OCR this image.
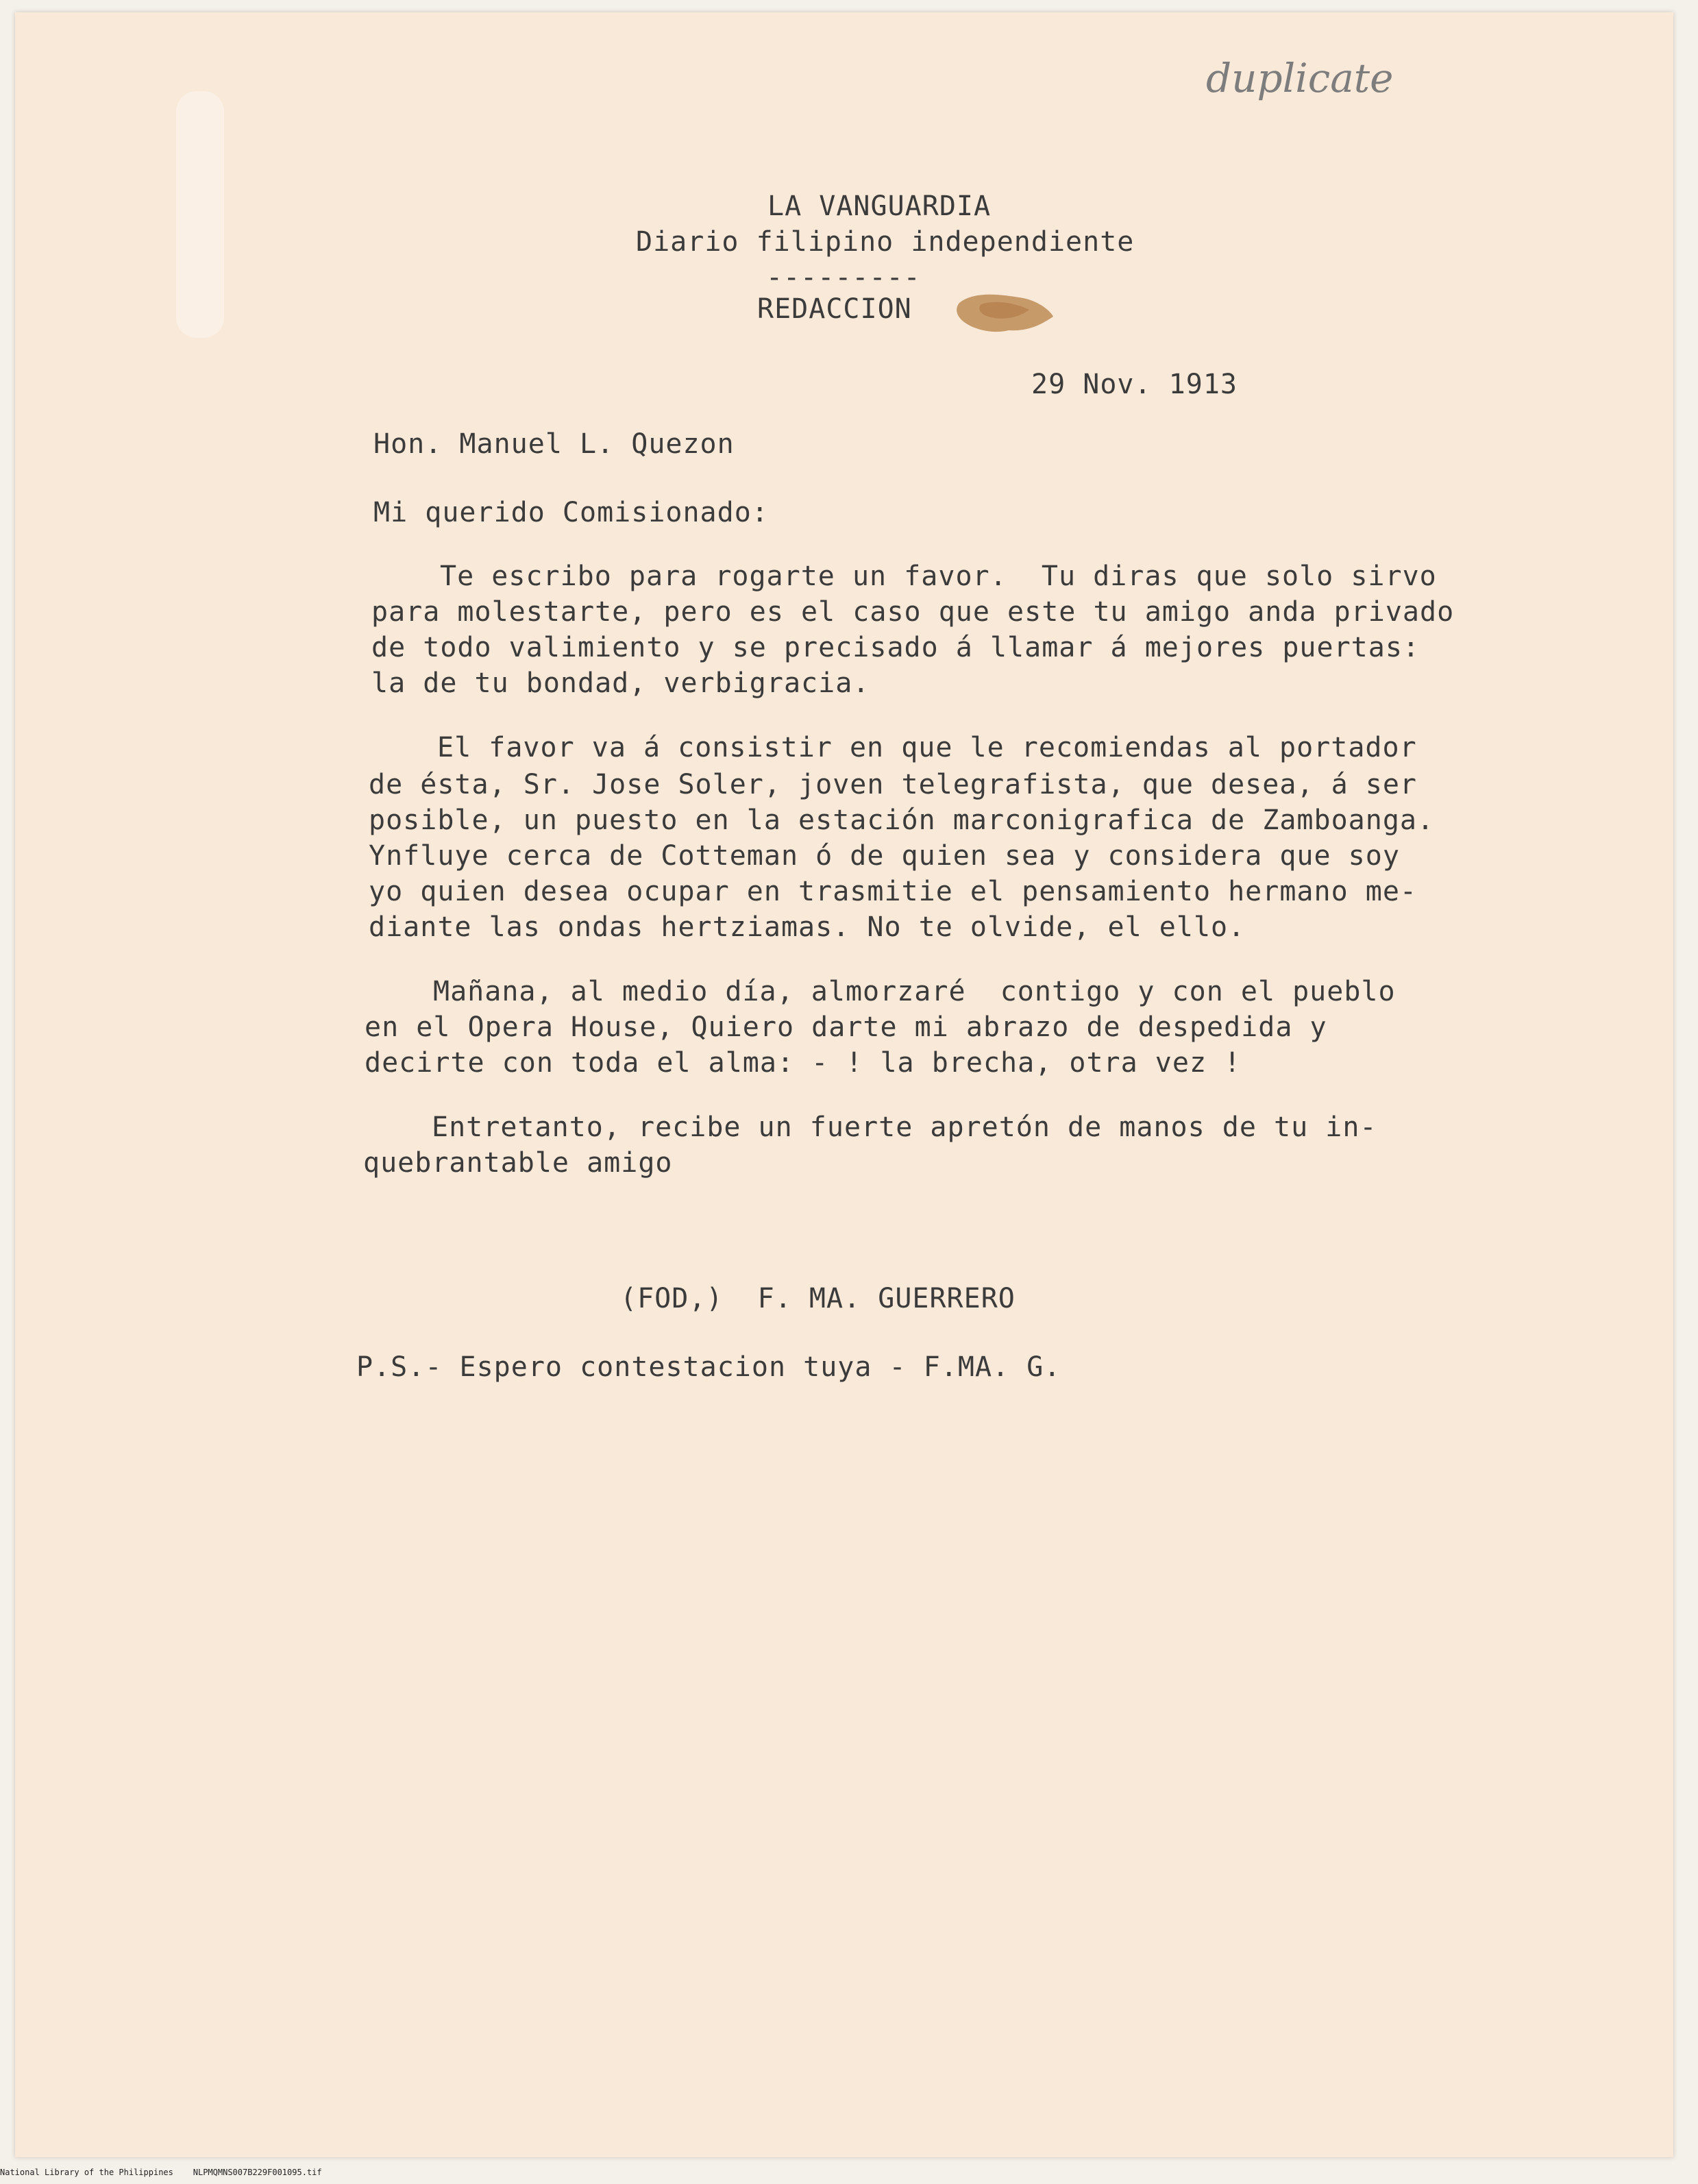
duplicate
LA VANGUARDIA
Diario filipino independiente
---------
REDACCION
29 Nov. 1913
Hon. Manuel L. Quezon
Mi querido Comisionado:
Te escribo para rogarte un favor.  Tu diras que solo sirvo
para molestarte, pero es el caso que este tu amigo anda privado
de todo valimiento y se precisado á llamar á mejores puertas:
la de tu bondad, verbigracia.
El favor va á consistir en que le recomiendas al portador
de ésta, Sr. Jose Soler, joven telegrafista, que desea, á ser
posible, un puesto en la estación marconigrafica de Zamboanga.
Ynfluye cerca de Cotteman ó de quien sea y considera que soy
yo quien desea ocupar en trasmitie el pensamiento hermano me-
diante las ondas hertziamas. No te olvide, el ello.
Mañana, al medio día, almorzaré  contigo y con el pueblo
en el Opera House, Quiero darte mi abrazo de despedida y
decirte con toda el alma: - ! la brecha, otra vez !
Entretanto, recibe un fuerte apretón de manos de tu in-
quebrantable amigo
(FOD,)  F. MA. GUERRERO
P.S.- Espero contestacion tuya - F.MA. G.
National Library of the Philippines    NLPMQMNS007B229F001095.tif
